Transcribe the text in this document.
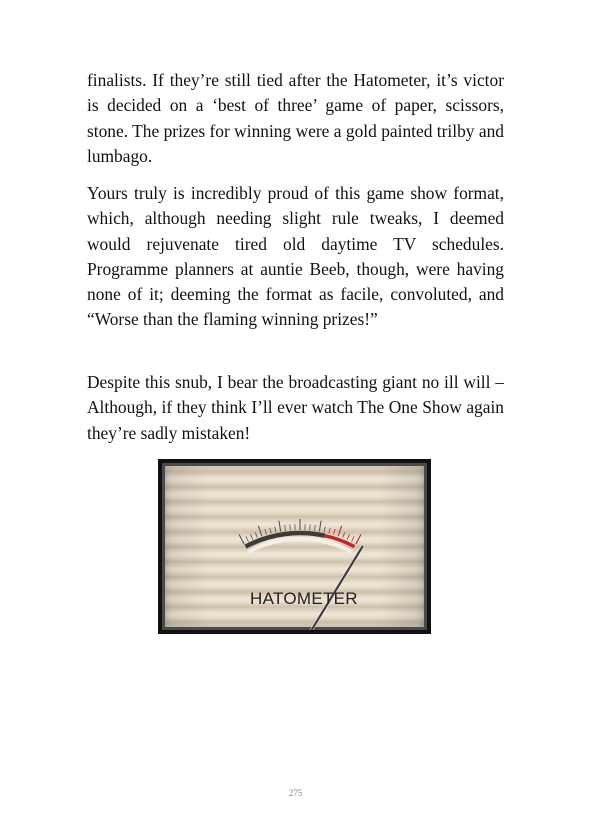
finalists. If they’re still tied after the Hatometer, it’s victor is decided on a ‘best of three’ game of paper, scissors, stone. The prizes for winning were a gold painted trilby and lumbago.

Yours truly is incredibly proud of this game show format, which, although needing slight rule tweaks, I deemed would rejuvenate tired old daytime TV schedules. Programme planners at auntie Beeb, though, were having none of it; deeming the format as facile, convoluted, and “Worse than the flaming winning prizes!”

Despite this snub, I bear the broadcasting giant no ill will – Although, if they think I’ll ever watch The One Show again they’re sadly mistaken!

HATOMETER
275
